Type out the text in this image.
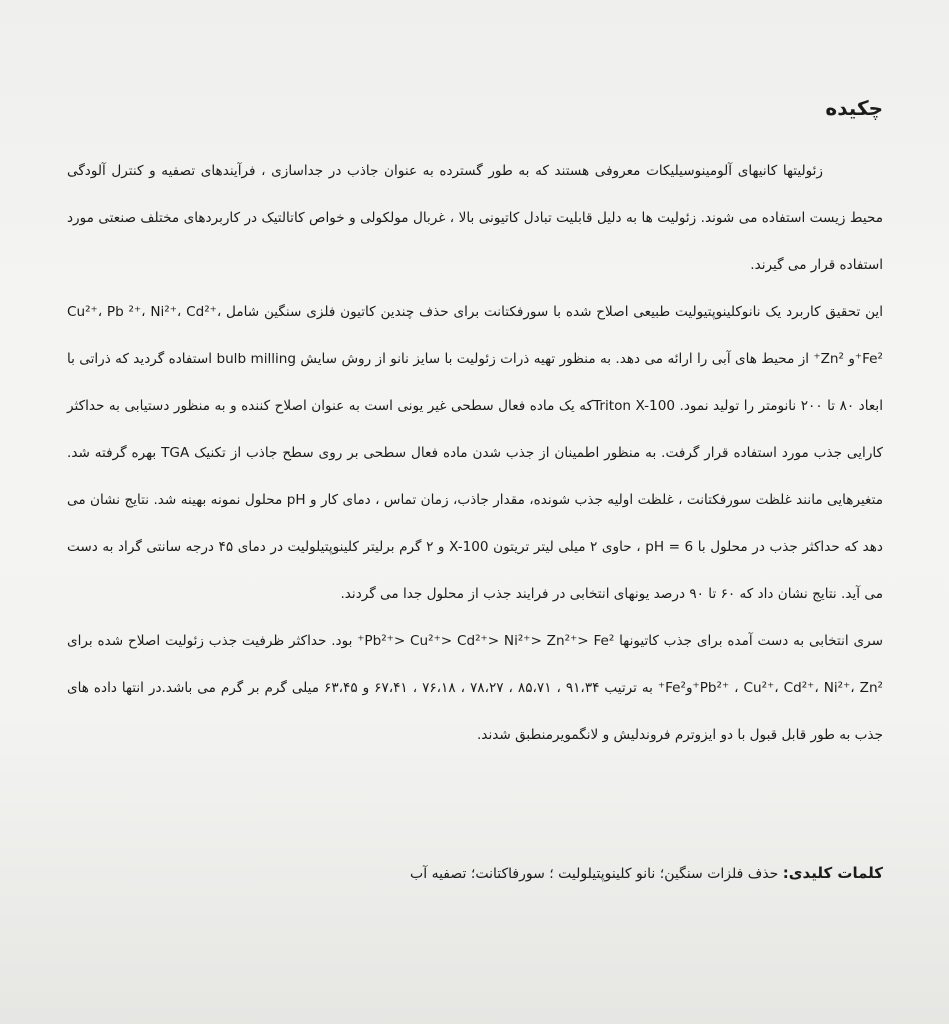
چکیده

زئولیتها کانیهای آلومینوسیلیکات معروفی هستند که به طور گسترده به عنوان جاذب در جداسازی ، فرآیندهای تصفیه و کنترل آلودگی محیط زیست استفاده می شوند. زئولیت ها به دلیل قابلیت تبادل کاتیونی بالا ، غربال مولکولی و خواص کاتالتیک در کاربردهای مختلف صنعتی مورد استفاده قرار می گیرند.

این تحقیق کاربرد یک نانوکلینوپتیولیت طبیعی اصلاح شده با سورفکتانت برای حذف چندین کاتیون فلزی سنگین شامل Cu²⁺، Pb ²⁺، Ni²⁺، Cd²⁺، Fe²⁺و Zn²⁺ از محیط های آبی را ارائه می دهد. به منظور تهیه ذرات زئولیت با سایز نانو از روش سایش bulb milling استفاده گردید که ذراتی با ابعاد ۸۰ تا ۲۰۰ نانومتر را تولید نمود. Triton X-100که یک ماده فعال سطحی غیر یونی است به عنوان اصلاح کننده و به منظور دستیابی به حداکثر کارایی جذب مورد استفاده قرار گرفت. به منظور اطمینان از جذب شدن ماده فعال سطحی بر روی سطح جاذب از تکنیک TGA بهره گرفته شد. متغیرهایی مانند غلظت سورفکتانت ، غلظت اولیه جذب شونده، مقدار جاذب، زمان تماس ، دمای کار و pH محلول نمونه بهینه شد. نتایج نشان می دهد که حداکثر جذب در محلول با pH = 6 ، حاوی ۲ میلی لیتر تریتون X-100 و ۲ گرم برلیتر کلینوپتیلولیت در دمای ۴۵ درجه سانتی گراد به دست می آید. نتایج نشان داد که ۶۰ تا ۹۰ درصد یونهای انتخابی در فرایند جذب از محلول جدا می گردند.

سری انتخابی به دست آمده برای جذب کاتیونها Pb²⁺> Cu²⁺> Cd²⁺> Ni²⁺> Zn²⁺> Fe²⁺ بود. حداکثر ظرفیت جذب زئولیت اصلاح شده برای Pb²⁺ ، Cu²⁺، Cd²⁺، Ni²⁺، Zn²⁺وFe²⁺ به ترتیب ۹۱،۳۴ ، ۸۵،۷۱ ، ۷۸،۲۷ ، ۷۶،۱۸ ، ۶۷،۴۱ و ۶۳،۴۵ میلی گرم بر گرم می باشد.در انتها داده های جذب به طور قابل قبول با دو ایزوترم فروندلیش و لانگمویرمنطبق شدند.

کلمات کلیدی: حذف فلزات سنگین؛ نانو کلینوپتیلولیت ؛ سورفاکتانت؛ تصفیه آب
